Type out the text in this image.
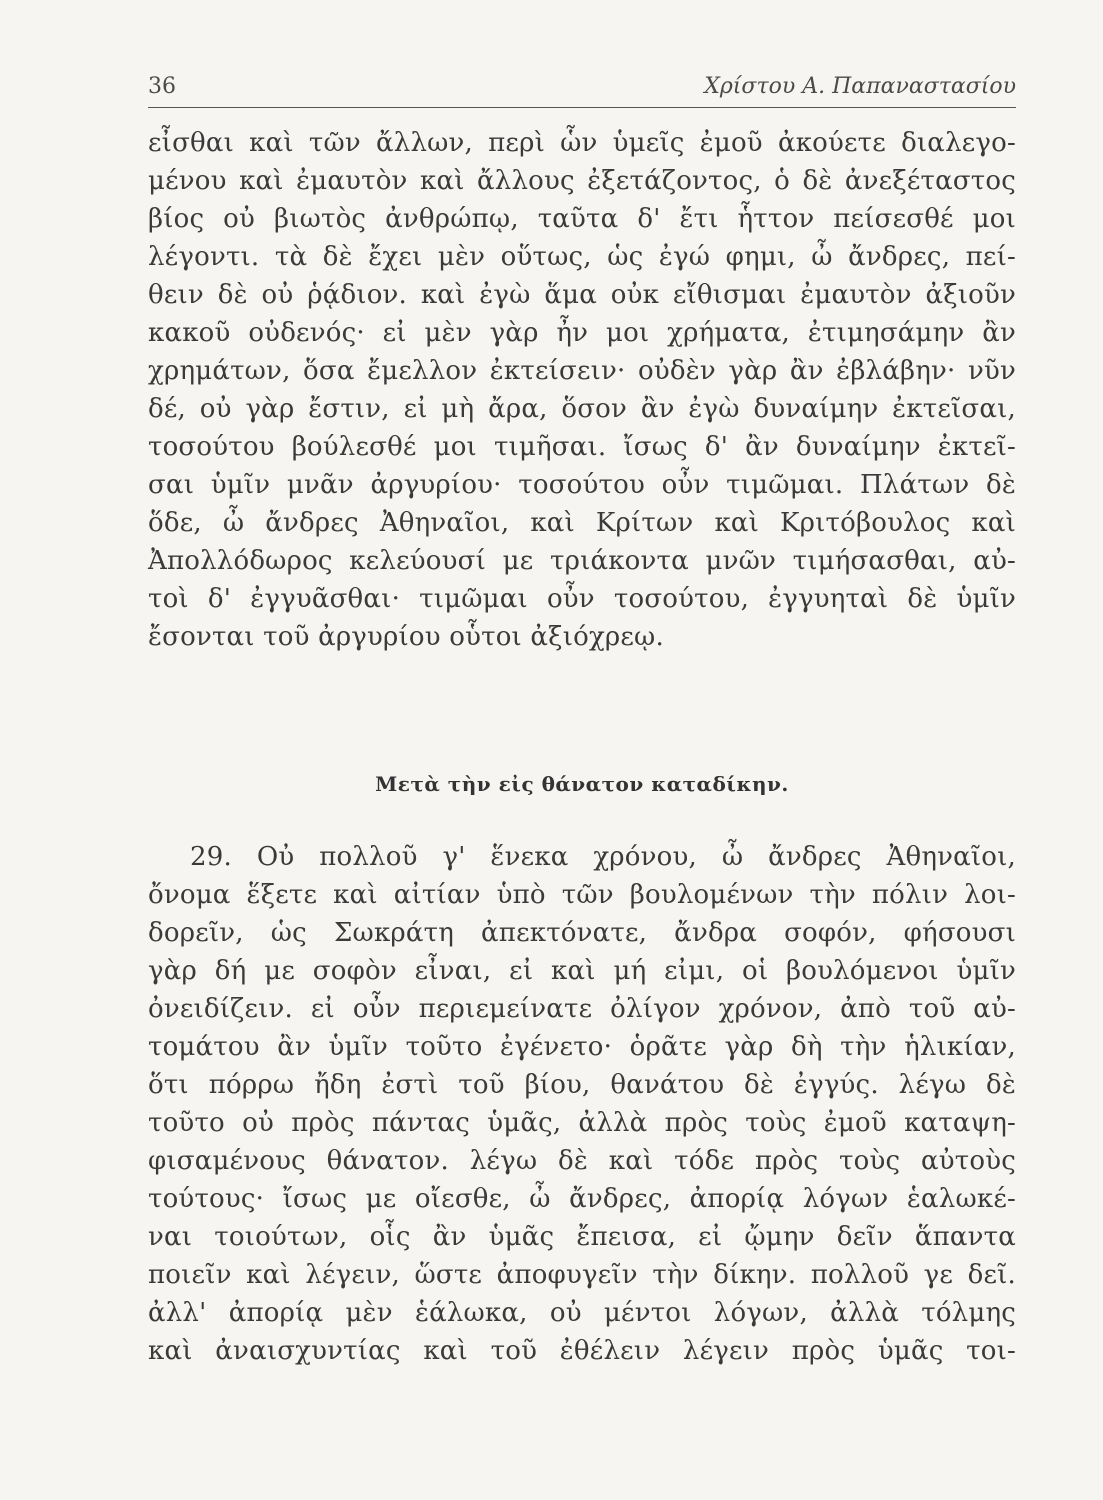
36	Χρίστου Α. Παπαναστασίου
εἶσθαι καὶ τῶν ἄλλων, περὶ ὧν ὑμεῖς ἐμοῦ ἀκούετε διαλεγο-
μένου καὶ ἐμαυτὸν καὶ ἄλλους ἐξετάζοντος, ὁ δὲ ἀνεξέταστος
βίος οὐ βιωτὸς ἀνθρώπῳ, ταῦτα δ' ἔτι ἧττον πείσεσθέ μοι
λέγοντι. τὰ δὲ ἔχει μὲν οὕτως, ὡς ἐγώ φημι, ὦ ἄνδρες, πεί-
θειν δὲ οὐ ῥᾴδιον. καὶ ἐγὼ ἅμα οὐκ εἴθισμαι ἐμαυτὸν ἀξιοῦν
κακοῦ οὐδενός· εἰ μὲν γὰρ ἦν μοι χρήματα, ἐτιμησάμην ἂν
χρημάτων, ὅσα ἔμελλον ἐκτείσειν· οὐδὲν γὰρ ἂν ἐβλάβην· νῦν
δέ, οὐ γὰρ ἔστιν, εἰ μὴ ἄρα, ὅσον ἂν ἐγὼ δυναίμην ἐκτεῖσαι,
τοσούτου βούλεσθέ μοι τιμῆσαι. ἴσως δ' ἂν δυναίμην ἐκτεῖ-
σαι ὑμῖν μνᾶν ἀργυρίου· τοσούτου οὖν τιμῶμαι. Πλάτων δὲ
ὅδε, ὦ ἄνδρες Ἀθηναῖοι, καὶ Κρίτων καὶ Κριτόβουλος καὶ
Ἀπολλόδωρος κελεύουσί με τριάκοντα μνῶν τιμήσασθαι, αὐ-
τοὶ δ' ἐγγυᾶσθαι· τιμῶμαι οὖν τοσούτου, ἐγγυηταὶ δὲ ὑμῖν
ἔσονται τοῦ ἀργυρίου οὗτοι ἀξιόχρεῳ.
Μετὰ τὴν εἰς θάνατον καταδίκην.
29. Οὐ πολλοῦ γ' ἕνεκα χρόνου, ὦ ἄνδρες Ἀθηναῖοι,
ὄνομα ἕξετε καὶ αἰτίαν ὑπὸ τῶν βουλομένων τὴν πόλιν λοι-
δορεῖν, ὡς Σωκράτη ἀπεκτόνατε, ἄνδρα σοφόν, φήσουσι
γὰρ δή με σοφὸν εἶναι, εἰ καὶ μή εἰμι, οἱ βουλόμενοι ὑμῖν
ὀνειδίζειν. εἰ οὖν περιεμείνατε ὀλίγον χρόνον, ἀπὸ τοῦ αὐ-
τομάτου ἂν ὑμῖν τοῦτο ἐγένετο· ὁρᾶτε γὰρ δὴ τὴν ἡλικίαν,
ὅτι πόρρω ἤδη ἐστὶ τοῦ βίου, θανάτου δὲ ἐγγύς. λέγω δὲ
τοῦτο οὐ πρὸς πάντας ὑμᾶς, ἀλλὰ πρὸς τοὺς ἐμοῦ καταψη-
φισαμένους θάνατον. λέγω δὲ καὶ τόδε πρὸς τοὺς αὐτοὺς
τούτους· ἴσως με οἴεσθε, ὦ ἄνδρες, ἀπορίᾳ λόγων ἑαλωκέ-
ναι τοιούτων, οἷς ἂν ὑμᾶς ἔπεισα, εἰ ᾤμην δεῖν ἅπαντα
ποιεῖν καὶ λέγειν, ὥστε ἀποφυγεῖν τὴν δίκην. πολλοῦ γε δεῖ.
ἀλλ' ἀπορίᾳ μὲν ἑάλωκα, οὐ μέντοι λόγων, ἀλλὰ τόλμης
καὶ ἀναισχυντίας καὶ τοῦ ἐθέλειν λέγειν πρὸς ὑμᾶς τοι-
